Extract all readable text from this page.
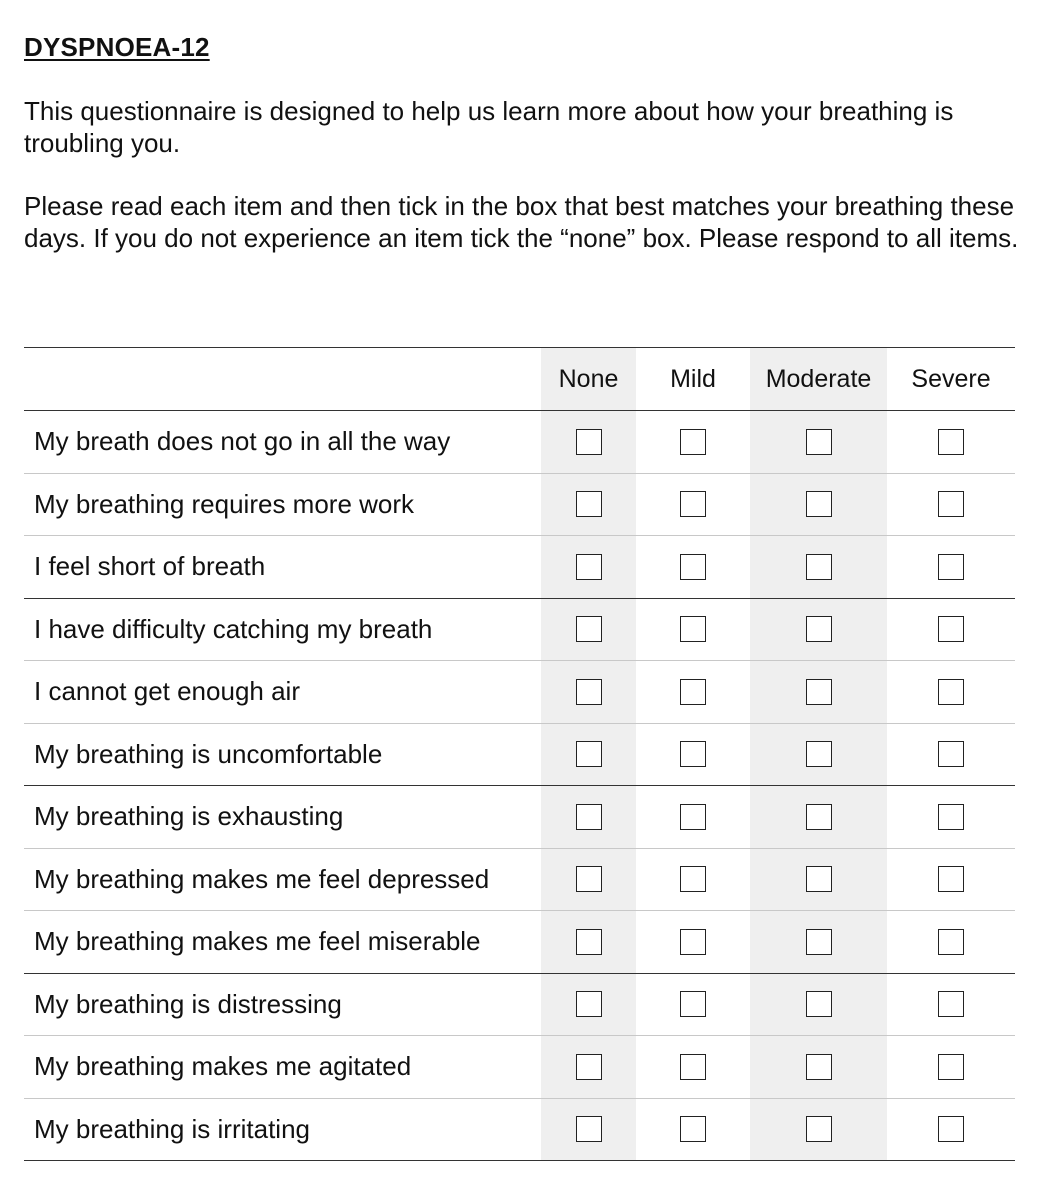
DYSPNOEA-12

This questionnaire is designed to help us learn more about how your breathing is troubling you.

Please read each item and then tick in the box that best matches your breathing these days. If you do not experience an item tick the “none” box. Please respond to all items.

	None	Mild	Moderate	Severe
My breath does not go in all the way				
My breathing requires more work				
I feel short of breath				
I have difficulty catching my breath				
I cannot get enough air				
My breathing is uncomfortable				
My breathing is exhausting				
My breathing makes me feel depressed				
My breathing makes me feel miserable				
My breathing is distressing				
My breathing makes me agitated				
My breathing is irritating				
